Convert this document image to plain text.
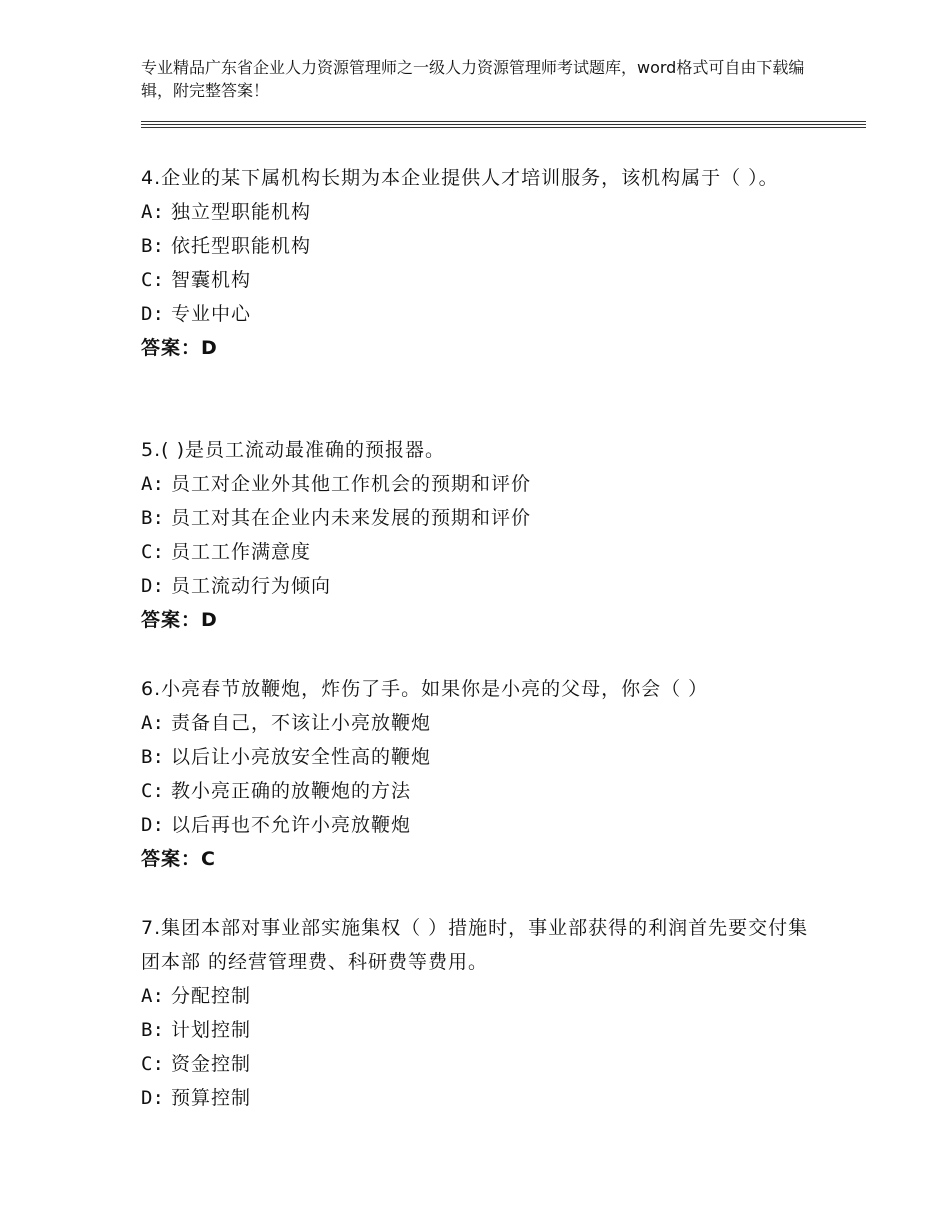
专业精品广东省企业人力资源管理师之一级人力资源管理师考试题库，word格式可自由下载编辑，附完整答案！

4.企业的某下属机构长期为本企业提供人才培训服务，该机构属于（ ）。

A: 独立型职能机构

B: 依托型职能机构

C: 智囊机构

D: 专业中心

答案：D

5.( )是员工流动最准确的预报器。

A: 员工对企业外其他工作机会的预期和评价

B: 员工对其在企业内未来发展的预期和评价

C: 员工工作满意度

D: 员工流动行为倾向

答案：D

6.小亮春节放鞭炮，炸伤了手。如果你是小亮的父母，你会（ ）

A: 责备自己，不该让小亮放鞭炮

B: 以后让小亮放安全性高的鞭炮

C: 教小亮正确的放鞭炮的方法

D: 以后再也不允许小亮放鞭炮

答案：C

7.集团本部对事业部实施集权（ ）措施时，事业部获得的利润首先要交付集团本部 的经营管理费、科研费等费用。

A: 分配控制

B: 计划控制

C: 资金控制

D: 预算控制
